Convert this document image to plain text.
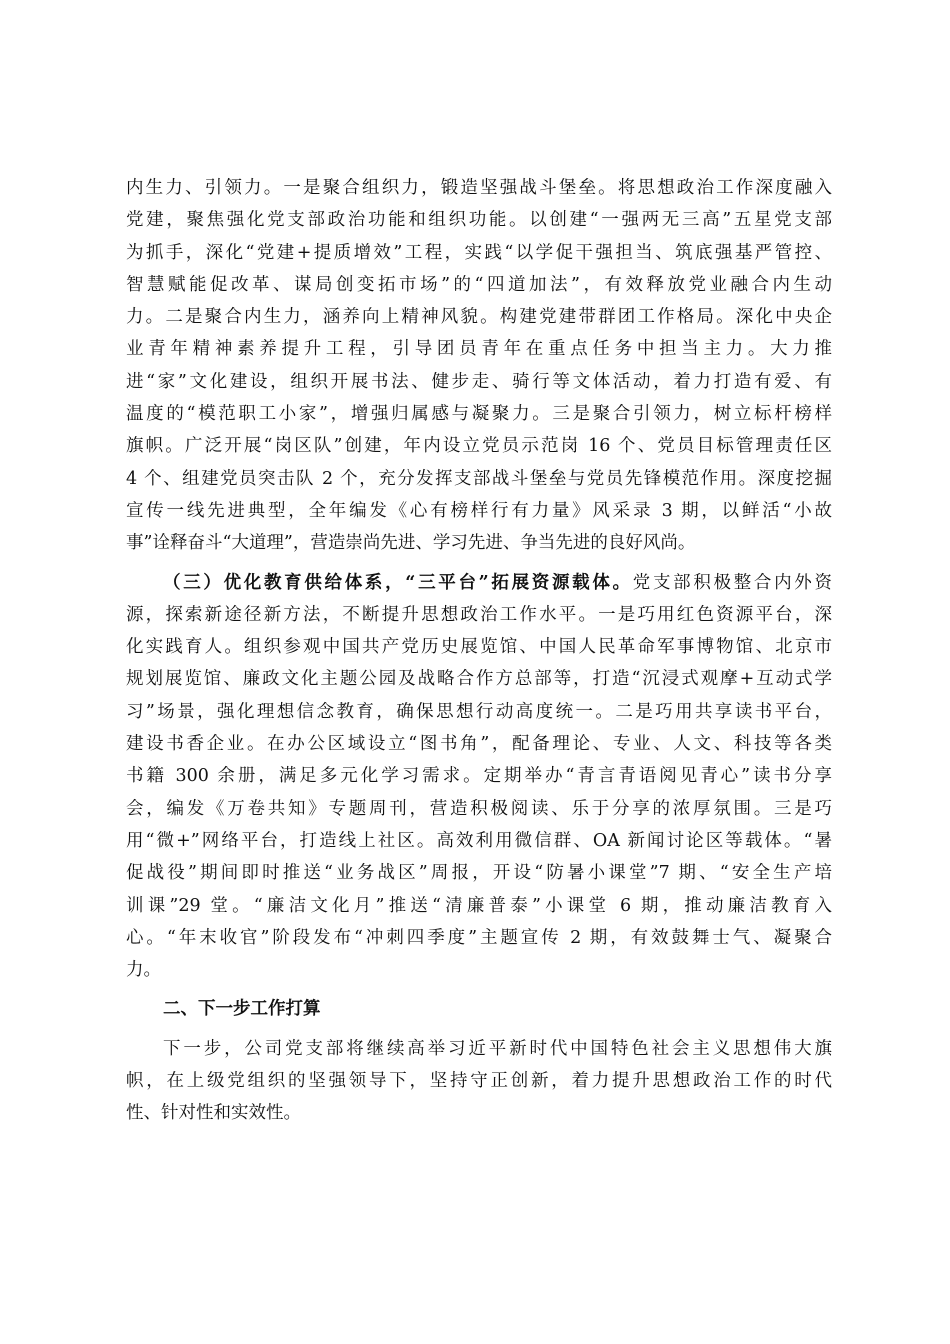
内生力、引领力。一是聚合组织力，锻造坚强战斗堡垒。将思想政治工作深度融入
党建，聚焦强化党支部政治功能和组织功能。以创建“一强两无三高”五星党支部
为抓手，深化“党建+提质增效”工程，实践“以学促干强担当、筑底强基严管控、
智慧赋能促改革、谋局创变拓市场”的“四道加法”，有效释放党业融合内生动
力。二是聚合内生力，涵养向上精神风貌。构建党建带群团工作格局。深化中央企
业青年精神素养提升工程，引导团员青年在重点任务中担当主力。大力推
进“家”文化建设，组织开展书法、健步走、骑行等文体活动，着力打造有爱、有
温度的“模范职工小家”，增强归属感与凝聚力。三是聚合引领力，树立标杆榜样
旗帜。广泛开展“岗区队”创建，年内设立党员示范岗 16 个、党员目标管理责任区
4 个、组建党员突击队 2 个，充分发挥支部战斗堡垒与党员先锋模范作用。深度挖掘
宣传一线先进典型，全年编发《心有榜样行有力量》风采录 3 期，以鲜活“小故
事”诠释奋斗“大道理”，营造崇尚先进、学习先进、争当先进的良好风尚。
（三）优化教育供给体系，“三平台”拓展资源载体。党支部积极整合内外资
源，探索新途径新方法，不断提升思想政治工作水平。一是巧用红色资源平台，深
化实践育人。组织参观中国共产党历史展览馆、中国人民革命军事博物馆、北京市
规划展览馆、廉政文化主题公园及战略合作方总部等，打造“沉浸式观摩+互动式学
习”场景，强化理想信念教育，确保思想行动高度统一。二是巧用共享读书平台，
建设书香企业。在办公区域设立“图书角”，配备理论、专业、人文、科技等各类
书籍 300 余册，满足多元化学习需求。定期举办“青言青语阅见青心”读书分享
会，编发《万卷共知》专题周刊，营造积极阅读、乐于分享的浓厚氛围。三是巧
用“微+”网络平台，打造线上社区。高效利用微信群、OA 新闻讨论区等载体。“暑
促战役”期间即时推送“业务战区”周报，开设“防暑小课堂”7 期、“安全生产培
训课”29 堂。“廉洁文化月”推送“清廉普泰”小课堂 6 期，推动廉洁教育入
心。“年末收官”阶段发布“冲刺四季度”主题宣传 2 期，有效鼓舞士气、凝聚合
力。
二、下一步工作打算
下一步，公司党支部将继续高举习近平新时代中国特色社会主义思想伟大旗
帜，在上级党组织的坚强领导下，坚持守正创新，着力提升思想政治工作的时代
性、针对性和实效性。
